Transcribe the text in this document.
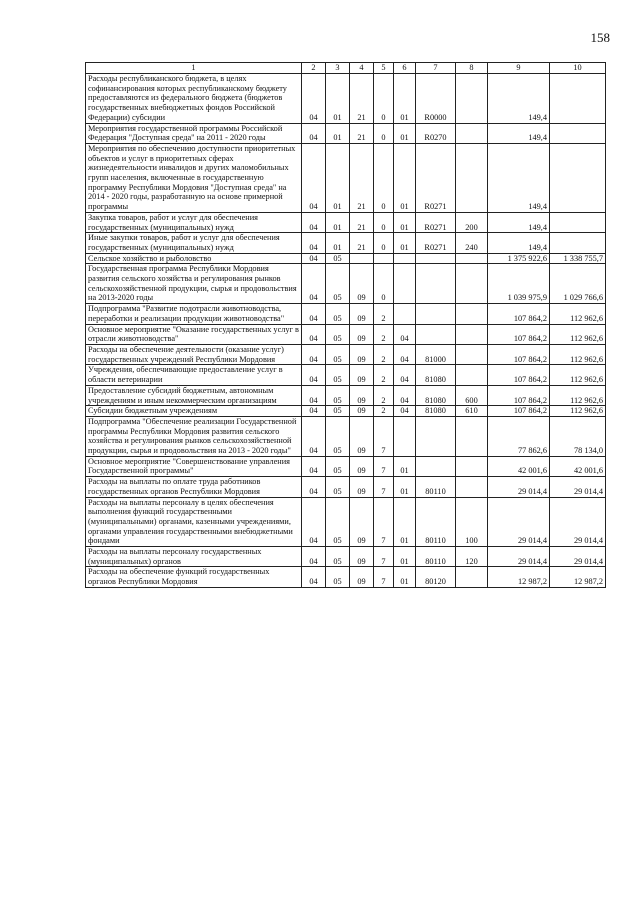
158
1	2	3	4	5	6	7	8	9	10
Расходы республиканского бюджета, в целях софинансирования которых республиканскому бюджету предоставляются из федерального бюджета (бюджетов государственных внебюджетных фондов Российской Федерации) субсидии	04	01	21	0	01	R0000		149,4	
Мероприятия государственной программы Российской Федерация "Доступная среда" на 2011 - 2020 годы	04	01	21	0	01	R0270		149,4	
Мероприятия по обеспечению доступности приоритетных объектов и услуг в приоритетных сферах жизнедеятельности инвалидов и других маломобильных групп населения, включенные в государственную программу Республики Мордовия "Доступная среда" на 2014 - 2020 годы, разработанную на основе примерной программы	04	01	21	0	01	R0271		149,4	
Закупка товаров, работ и услуг для обеспечения государственных (муниципальных) нужд	04	01	21	0	01	R0271	200	149,4	
Иные закупки товаров, работ и услуг для обеспечения государственных (муниципальных) нужд	04	01	21	0	01	R0271	240	149,4	
Сельское хозяйство и рыболовство	04	05						1 375 922,6	1 338 755,7
Государственная программа Республики Мордовия развития сельского хозяйства и регулирования рынков сельскохозяйственной продукции, сырья и продовольствия на 2013-2020 годы	04	05	09	0				1 039 975,9	1 029 766,6
Подпрограмма "Развитие подотрасли животноводства, переработки и реализации продукции животноводства"	04	05	09	2				107 864,2	112 962,6
Основное мероприятие "Оказание государственных услуг в отрасли животноводства"	04	05	09	2	04			107 864,2	112 962,6
Расходы на обеспечение деятельности (оказание услуг) государственных учреждений Республики Мордовия	04	05	09	2	04	81000		107 864,2	112 962,6
Учреждения, обеспечивающие предоставление услуг в области ветеринарии	04	05	09	2	04	81080		107 864,2	112 962,6
Предоставление субсидий бюджетным, автономным учреждениям и иным некоммерческим организациям	04	05	09	2	04	81080	600	107 864,2	112 962,6
Субсидии бюджетным учреждениям	04	05	09	2	04	81080	610	107 864,2	112 962,6
Подпрограмма "Обеспечение реализации Государственной программы Республики Мордовия развития сельского хозяйства и регулирования рынков сельскохозяйственной продукции, сырья и продовольствия на 2013 - 2020 годы"	04	05	09	7				77 862,6	78 134,0
Основное мероприятие "Совершенствование управления Государственной программы"	04	05	09	7	01			42 001,6	42 001,6
Расходы на выплаты по оплате труда работников государственных органов Республики Мордовия	04	05	09	7	01	80110		29 014,4	29 014,4
Расходы на выплаты персоналу в целях обеспечения выполнения функций государственными (муниципальными) органами, казенными учреждениями, органами управления государственными внебюджетными фондами	04	05	09	7	01	80110	100	29 014,4	29 014,4
Расходы на выплаты персоналу государственных (муниципальных) органов	04	05	09	7	01	80110	120	29 014,4	29 014,4
Расходы на обеспечение функций государственных органов Республики Мордовия	04	05	09	7	01	80120		12 987,2	12 987,2
